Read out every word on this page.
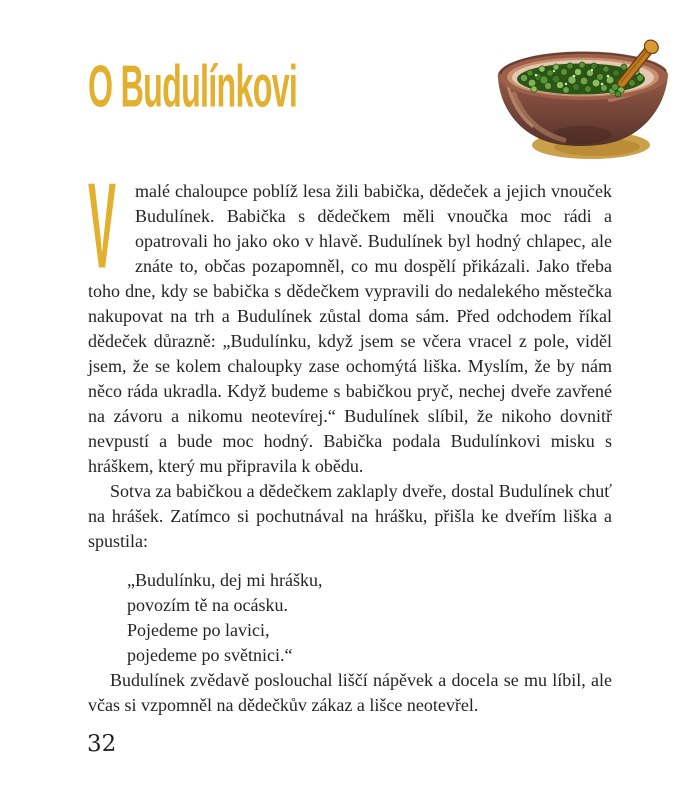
O Budulínkovi

V malé chaloupce poblíž lesa žili babička, dědeček a jejich vnouček Budulínek. Babička s dědečkem měli vnoučka moc rádi a opatrovali ho jako oko v hlavě. Budulínek byl hodný chlapec, ale znáte to, občas pozapomněl, co mu dospělí přikázali. Jako třeba toho dne, kdy se babička s dědečkem vypravili do nedalekého městečka nakupovat na trh a Budulínek zůstal doma sám. Před odchodem říkal dědeček důrazně: „Budulínku, když jsem se včera vracel z pole, viděl jsem, že se kolem chaloupky zase ochomýtá liška. Myslím, že by nám něco ráda ukradla. Když budeme s babičkou pryč, nechej dveře zavřené na závoru a nikomu neotevírej.“ Budulínek slíbil, že nikoho dovnitř nevpustí a bude moc hodný. Babička podala Budulínkovi misku s hráškem, který mu připravila k obědu.

Sotva za babičkou a dědečkem zaklaply dveře, dostal Budulínek chuť na hrášek. Zatímco si pochutnával na hrášku, přišla ke dveřím liška a spustila:

„Budulínku, dej mi hrášku,
povozím tě na ocásku.
Pojedeme po lavici,
pojedeme po světnici.“

Budulínek zvědavě poslouchal liščí nápěvek a docela se mu líbil, ale včas si vzpomněl na dědečkův zákaz a lišce neotevřel.

32
